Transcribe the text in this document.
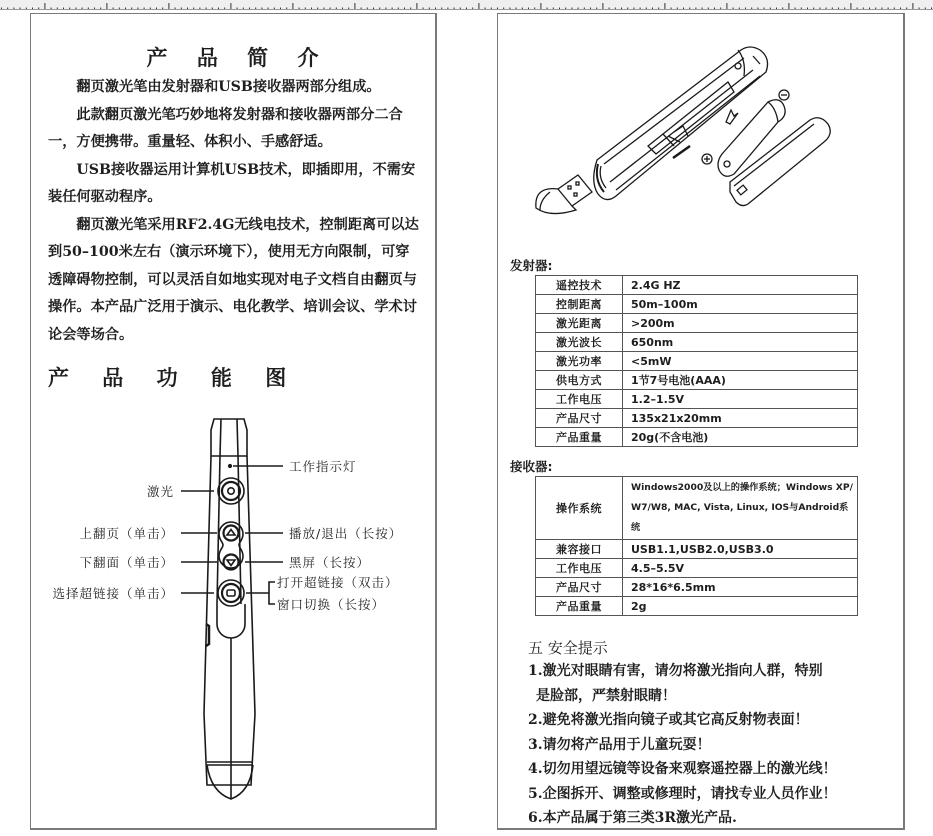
产 品 简 介

翻页激光笔由发射器和USB接收器两部分组成。

此款翻页激光笔巧妙地将发射器和接收器两部分二合一，方便携带。重量轻、体积小、手感舒适。

USB接收器运用计算机USB技术，即插即用，不需安装任何驱动程序。

翻页激光笔采用RF2.4G无线电技术，控制距离可以达到50–100米左右（演示环境下），使用无方向限制，可穿透障碍物控制，可以灵活自如地实现对电子文档自由翻页与操作。本产品广泛用于演示、电化教学、培训会议、学术讨论会等场合。

产 品 功 能 图
工作指示灯
激光
上翻页（单击）
下翻面（单击）
选择超链接（单击）
播放/退出（长按）
黑屏（长按）
打开超链接（双击）
窗口切换（长按）
发射器:
遥控技术	2.4G HZ
控制距离	50m–100m
激光距离	>200m
激光波长	650nm
激光功率	<5mW
供电方式	1节7号电池(AAA)
工作电压	1.2–1.5V
产品尺寸	135x21x20mm
产品重量	20g(不含电池)
接收器:
操作系统	Windows2000及以上的操作系统；Windows XP/ W7/W8, MAC, Vista, Linux, IOS与Android系统
兼容接口	USB1.1,USB2.0,USB3.0
工作电压	4.5–5.5V
产品尺寸	28*16*6.5mm
产品重量	2g
五 安全提示
1.激光对眼睛有害，请勿将激光指向人群，特别
是脸部，严禁射眼睛！
2.避免将激光指向镜子或其它高反射物表面！
3.请勿将产品用于儿童玩耍！
4.切勿用望远镜等设备来观察遥控器上的激光线！
5.企图拆开、调整或修理时，请找专业人员作业！
6.本产品属于第三类3R激光产品.
